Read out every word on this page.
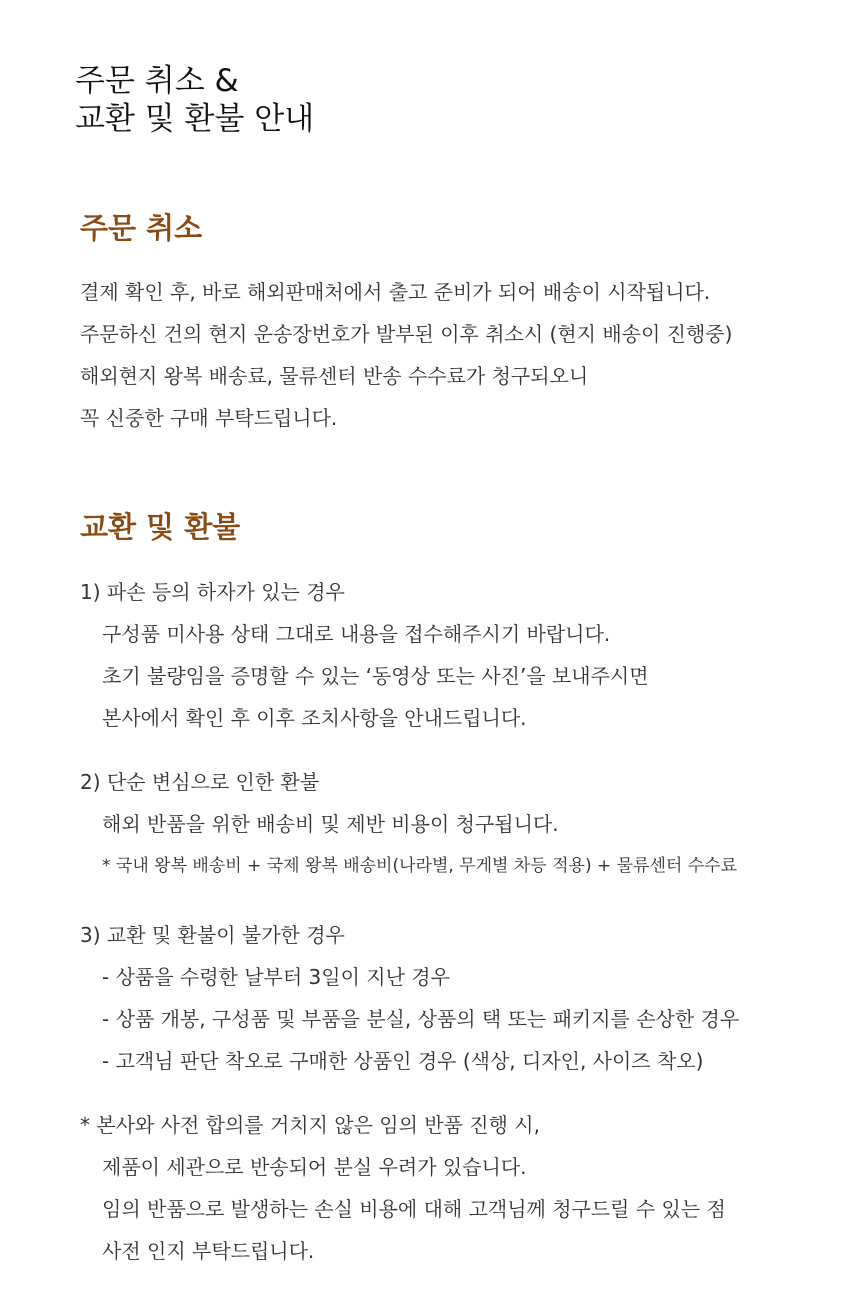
주문 취소 &
교환 및 환불 안내
주문 취소
결제 확인 후, 바로 해외판매처에서 출고 준비가 되어 배송이 시작됩니다.
주문하신 건의 현지 운송장번호가 발부된 이후 취소시 (현지 배송이 진행중)
해외현지 왕복 배송료, 물류센터 반송 수수료가 청구되오니
꼭 신중한 구매 부탁드립니다.
교환 및 환불
1) 파손 등의 하자가 있는 경우
구성품 미사용 상태 그대로 내용을 접수해주시기 바랍니다.
초기 불량임을 증명할 수 있는 ‘동영상 또는 사진’을 보내주시면
본사에서 확인 후 이후 조치사항을 안내드립니다.
2) 단순 변심으로 인한 환불
해외 반품을 위한 배송비 및 제반 비용이 청구됩니다.
* 국내 왕복 배송비 + 국제 왕복 배송비(나라별, 무게별 차등 적용) + 물류센터 수수료
3) 교환 및 환불이 불가한 경우
- 상품을 수령한 날부터 3일이 지난 경우
- 상품 개봉, 구성품 및 부품을 분실, 상품의 택 또는 패키지를 손상한 경우
- 고객님 판단 착오로 구매한 상품인 경우 (색상, 디자인, 사이즈 착오)
* 본사와 사전 합의를 거치지 않은 임의 반품 진행 시,
제품이 세관으로 반송되어 분실 우려가 있습니다.
임의 반품으로 발생하는 손실 비용에 대해 고객님께 청구드릴 수 있는 점
사전 인지 부탁드립니다.
